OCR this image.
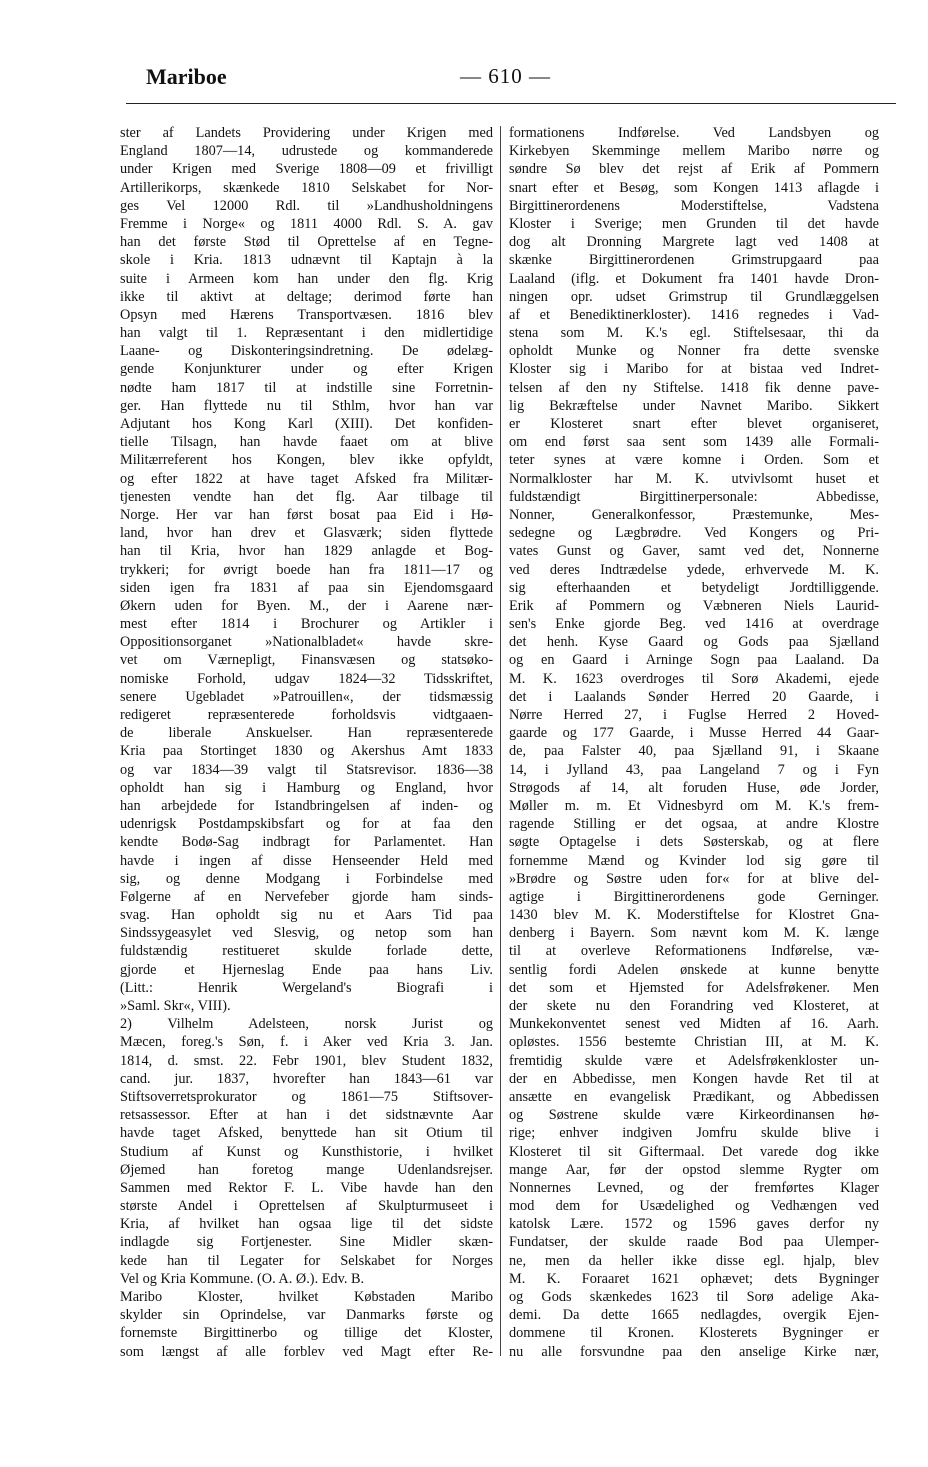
Mariboe	— 610 —
ster af Landets Providering under Krigen med
England 1807—14, udrustede og kommanderede
under Krigen med Sverige 1808—09 et frivilligt
Artillerikorps, skænkede 1810 Selskabet for Nor-
ges Vel 12000 Rdl. til »Landhusholdningens
Fremme i Norge« og 1811 4000 Rdl. S. A. gav
han det første Stød til Oprettelse af en Tegne-
skole i Kria. 1813 udnævnt til Kaptajn à la
suite i Armeen kom han under den flg. Krig
ikke til aktivt at deltage; derimod førte han
Opsyn med Hærens Transportvæsen. 1816 blev
han valgt til 1. Repræsentant i den midlertidige
Laane- og Diskonteringsindretning. De ødelæg-
gende Konjunkturer under og efter Krigen
nødte ham 1817 til at indstille sine Forretnin-
ger. Han flyttede nu til Sthlm, hvor han var
Adjutant hos Kong Karl (XIII). Det konfiden-
tielle Tilsagn, han havde faaet om at blive
Militærreferent hos Kongen, blev ikke opfyldt,
og efter 1822 at have taget Afsked fra Militær-
tjenesten vendte han det flg. Aar tilbage til
Norge. Her var han først bosat paa Eid i Hø-
land, hvor han drev et Glasværk; siden flyttede
han til Kria, hvor han 1829 anlagde et Bog-
trykkeri; for øvrigt boede han fra 1811—17 og
siden igen fra 1831 af paa sin Ejendomsgaard
Økern uden for Byen. M., der i Aarene nær-
mest efter 1814 i Brochurer og Artikler i
Oppositionsorganet »Nationalbladet« havde skre-
vet om Værnepligt, Finansvæsen og statsøko-
nomiske Forhold, udgav 1824—32 Tidsskriftet,
senere Ugebladet »Patrouillen«, der tidsmæssig
redigeret repræsenterede forholdsvis vidtgaaen-
de liberale Anskuelser. Han repræsenterede
Kria paa Stortinget 1830 og Akershus Amt 1833
og var 1834—39 valgt til Statsrevisor. 1836—38
opholdt han sig i Hamburg og England, hvor
han arbejdede for Istandbringelsen af inden- og
udenrigsk Postdampskibsfart og for at faa den
kendte Bodø-Sag indbragt for Parlamentet. Han
havde i ingen af disse Henseender Held med
sig, og denne Modgang i Forbindelse med
Følgerne af en Nervefeber gjorde ham sinds-
svag. Han opholdt sig nu et Aars Tid paa
Sindssygeasylet ved Slesvig, og netop som han
fuldstændig restitueret skulde forlade dette,
gjorde et Hjerneslag Ende paa hans Liv.
(Litt.: Henrik Wergeland's Biografi i
»Saml. Skr«, VIII).
2) Vilhelm Adelsteen, norsk Jurist og
Mæcen, foreg.'s Søn, f. i Aker ved Kria 3. Jan.
1814, d. smst. 22. Febr 1901, blev Student 1832,
cand. jur. 1837, hvorefter han 1843—61 var
Stiftsoverretsprokurator og 1861—75 Stiftsover-
retsassessor. Efter at han i det sidstnævnte Aar
havde taget Afsked, benyttede han sit Otium til
Studium af Kunst og Kunsthistorie, i hvilket
Øjemed han foretog mange Udenlandsrejser.
Sammen med Rektor F. L. Vibe havde han den
største Andel i Oprettelsen af Skulpturmuseet i
Kria, af hvilket han ogsaa lige til det sidste
indlagde sig Fortjenester. Sine Midler skæn-
kede han til Legater for Selskabet for Norges
Vel og Kria Kommune. (O. A. Ø.). Edv. B.
Maribo Kloster, hvilket Købstaden Maribo
skylder sin Oprindelse, var Danmarks første og
fornemste Birgittinerbo og tillige det Kloster,
som længst af alle forblev ved Magt efter Re-
formationens Indførelse. Ved Landsbyen og
Kirkebyen Skemminge mellem Maribo nørre og
søndre Sø blev det rejst af Erik af Pommern
snart efter et Besøg, som Kongen 1413 aflagde i
Birgittinerordenens Moderstiftelse, Vadstena
Kloster i Sverige; men Grunden til det havde
dog alt Dronning Margrete lagt ved 1408 at
skænke Birgittinerordenen Grimstrupgaard paa
Laaland (iflg. et Dokument fra 1401 havde Dron-
ningen opr. udset Grimstrup til Grundlæggelsen
af et Benediktinerkloster). 1416 regnedes i Vad-
stena som M. K.'s egl. Stiftelsesaar, thi da
opholdt Munke og Nonner fra dette svenske
Kloster sig i Maribo for at bistaa ved Indret-
telsen af den ny Stiftelse. 1418 fik denne pave-
lig Bekræftelse under Navnet Maribo. Sikkert
er Klosteret snart efter blevet organiseret,
om end først saa sent som 1439 alle Formali-
teter synes at være komne i Orden. Som et
Normalkloster har M. K. utvivlsomt huset et
fuldstændigt Birgittinerpersonale: Abbedisse,
Nonner, Generalkonfessor, Præstemunke, Mes-
sedegne og Lægbrødre. Ved Kongers og Pri-
vates Gunst og Gaver, samt ved det, Nonnerne
ved deres Indtrædelse ydede, erhvervede M. K.
sig efterhaanden et betydeligt Jordtilliggende.
Erik af Pommern og Væbneren Niels Laurid-
sen's Enke gjorde Beg. ved 1416 at overdrage
det henh. Kyse Gaard og Gods paa Sjælland
og en Gaard i Arninge Sogn paa Laaland. Da
M. K. 1623 overdroges til Sorø Akademi, ejede
det i Laalands Sønder Herred 20 Gaarde, i
Nørre Herred 27, i Fuglse Herred 2 Hoved-
gaarde og 177 Gaarde, i Musse Herred 44 Gaar-
de, paa Falster 40, paa Sjælland 91, i Skaane
14, i Jylland 43, paa Langeland 7 og i Fyn
Strøgods af 14, alt foruden Huse, øde Jorder,
Møller m. m. Et Vidnesbyrd om M. K.'s frem-
ragende Stilling er det ogsaa, at andre Klostre
søgte Optagelse i dets Søsterskab, og at flere
fornemme Mænd og Kvinder lod sig gøre til
»Brødre og Søstre uden for« for at blive del-
agtige i Birgittinerordenens gode Gerninger.
1430 blev M. K. Moderstiftelse for Klostret Gna-
denberg i Bayern. Som nævnt kom M. K. længe
til at overleve Reformationens Indførelse, væ-
sentlig fordi Adelen ønskede at kunne benytte
det som et Hjemsted for Adelsfrøkener. Men
der skete nu den Forandring ved Klosteret, at
Munkekonventet senest ved Midten af 16. Aarh.
opløstes. 1556 bestemte Christian III, at M. K.
fremtidig skulde være et Adelsfrøkenkloster un-
der en Abbedisse, men Kongen havde Ret til at
ansætte en evangelisk Prædikant, og Abbedissen
og Søstrene skulde være Kirkeordinansen hø-
rige; enhver indgiven Jomfru skulde blive i
Klosteret til sit Giftermaal. Det varede dog ikke
mange Aar, før der opstod slemme Rygter om
Nonnernes Levned, og der fremførtes Klager
mod dem for Usædelighed og Vedhængen ved
katolsk Lære. 1572 og 1596 gaves derfor ny
Fundatser, der skulde raade Bod paa Ulemper-
ne, men da heller ikke disse egl. hjalp, blev
M. K. Foraaret 1621 ophævet; dets Bygninger
og Gods skænkedes 1623 til Sorø adelige Aka-
demi. Da dette 1665 nedlagdes, overgik Ejen-
dommene til Kronen. Klosterets Bygninger er
nu alle forsvundne paa den anselige Kirke nær,
